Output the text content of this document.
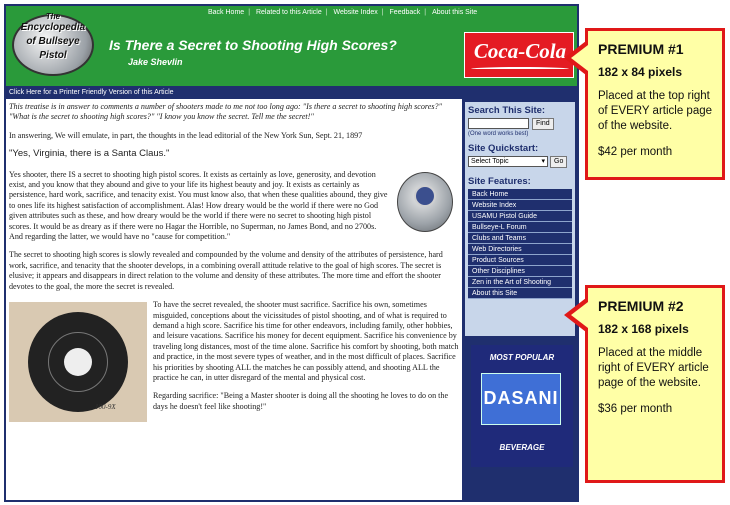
The
Encyclopedia
of Bullseye
Pistol
Back Home | Related to this Article | Website Index | Feedback | About this Site
Is There a Secret to Shooting High Scores?
Jake Shevlin	Coca-Cola
Click Here for a Printer Friendly Version of this Article

This treatise is in answer to comments a number of shooters made to me not too long ago: "Is there a secret to shooting high scores?" "What is the secret to shooting high scores?" "I know you know the secret. Tell me the secret!"

In answering, We will emulate, in part, the thoughts in the lead editorial of the New York Sun, Sept. 21, 1897

"Yes, Virginia, there is a Santa Claus."

Yes shooter, there IS a secret to shooting high pistol scores. It exists as certainly as love, generosity, and devotion exist, and you know that they abound and give to your life its highest beauty and joy. It exists as certainly as persistence, hard work, sacrifice, and tenacity exist. You must know also, that when these qualities abound, they give to ones life its highest satisfaction of accomplishment. Alas! How dreary would be the world if there were no God given attributes such as these, and how dreary would be the world if there were no secret to shooting high pistol scores. It would be as dreary as if there were no Hagar the Horrible, no Superman, no James Bond, and no 2700s. And regarding the latter, we would have no "cause for competition."

The secret to shooting high scores is slowly revealed and compounded by the volume and density of the attributes of persistence, hard work, sacrifice, and tenacity that the shooter develops, in a combining overall attitude relative to the goal of high scores. The secret is elusive; it appears and disappears in direct relation to the volume and density of these attributes. The more time and effort the shooter devotes to the goal, the more the secret is revealed.

100-9X

To have the secret revealed, the shooter must sacrifice. Sacrifice his own, sometimes misguided, conceptions about the vicissitudes of pistol shooting, and of what is required to demand a high score. Sacrifice his time for other endeavors, including family, other hobbies, and leisure vacations. Sacrifice his money for decent equipment. Sacrifice his convenience by traveling long distances, most of the time alone. Sacrifice his comfort by shooting, both match and practice, in the most severe types of weather, and in the most difficult of places. Sacrifice his priorities by shooting ALL the matches he can possibly attend, and shooting ALL the practice he can, in utter disregard of the mental and physical cost.

Regarding sacrifice: "Being a Master shooter is doing all the shooting he loves to do on the days he doesn't feel like shooting!"

Search This Site:
Find
(One word works best)
Site Quickstart:
Select Topic ▾	Go
Site Features:
Back Home
Website Index
USAMU Pistol Guide
Bullseye-L Forum
Clubs and Teams
Web Directories
Product Sources
Other Disciplines
Zen in the Art of Shooting
About this Site
MOST POPULAR
DASANI
BEVERAGE
PREMIUM #1
182 x 84 pixels
Placed at the top right of EVERY article page of the website.
$42 per month
PREMIUM #2
182 x 168 pixels
Placed at the middle right of EVERY article page of the website.
$36 per month
